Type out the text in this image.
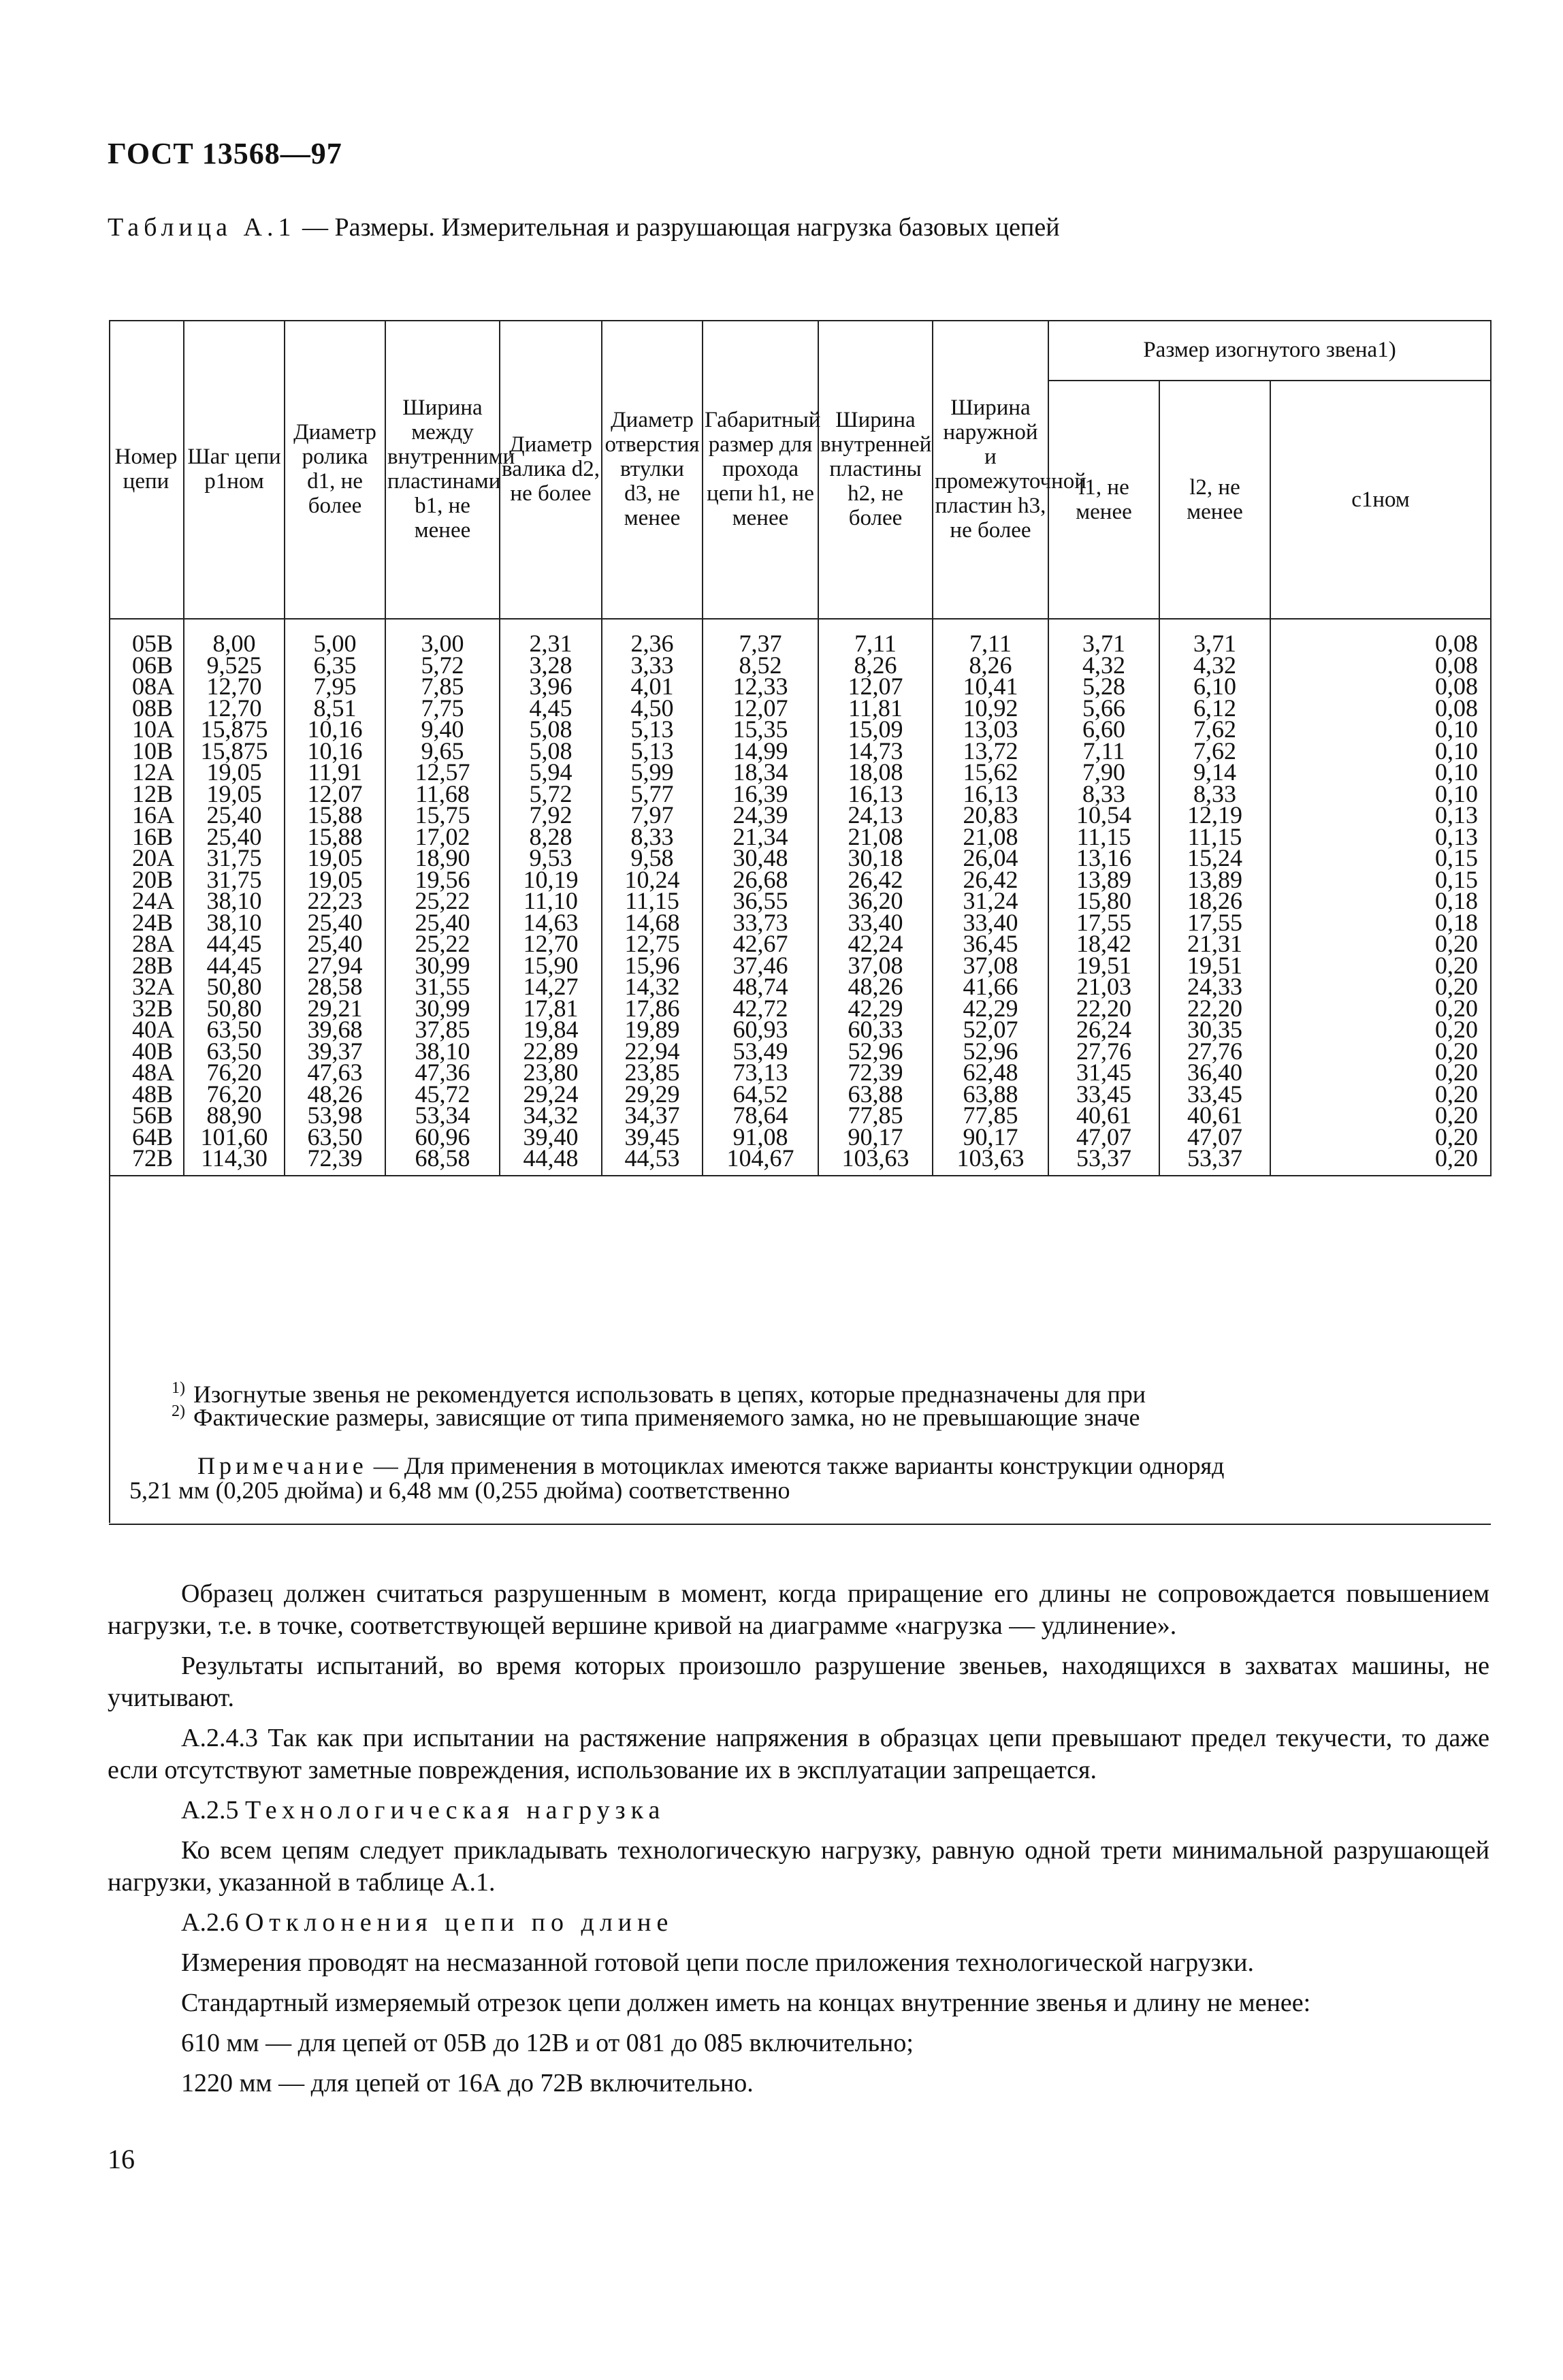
ГОСТ 13568—97
Таблица А.1 — Размеры. Измерительная и разрушающая нагрузка базовых цепей
Номер цепи	Шаг цепи p1ном	Диаметр ролика d1, не более	Ширина между внутренними пластинами b1, не менее	Диаметр валика d2, не более	Диаметр отверстия втулки d3, не менее	Габаритный размер для прохода цепи h1, не менее	Ширина внутренней пластины h2, не более	Ширина наружной и промежуточной пластин h3, не более	Размер изогнутого звена1)		
									l1, не менее	l2, не менее	c1ном
05B	8,00	5,00	3,00	2,31	2,36	7,37	7,11	7,11	3,71	3,71	0,08
06B	9,525	6,35	5,72	3,28	3,33	8,52	8,26	8,26	4,32	4,32	0,08
08A	12,70	7,95	7,85	3,96	4,01	12,33	12,07	10,41	5,28	6,10	0,08
08B	12,70	8,51	7,75	4,45	4,50	12,07	11,81	10,92	5,66	6,12	0,08
10A	15,875	10,16	9,40	5,08	5,13	15,35	15,09	13,03	6,60	7,62	0,10
10B	15,875	10,16	9,65	5,08	5,13	14,99	14,73	13,72	7,11	7,62	0,10
12A	19,05	11,91	12,57	5,94	5,99	18,34	18,08	15,62	7,90	9,14	0,10
12B	19,05	12,07	11,68	5,72	5,77	16,39	16,13	16,13	8,33	8,33	0,10
16A	25,40	15,88	15,75	7,92	7,97	24,39	24,13	20,83	10,54	12,19	0,13
16B	25,40	15,88	17,02	8,28	8,33	21,34	21,08	21,08	11,15	11,15	0,13
20A	31,75	19,05	18,90	9,53	9,58	30,48	30,18	26,04	13,16	15,24	0,15
20B	31,75	19,05	19,56	10,19	10,24	26,68	26,42	26,42	13,89	13,89	0,15
24A	38,10	22,23	25,22	11,10	11,15	36,55	36,20	31,24	15,80	18,26	0,18
24B	38,10	25,40	25,40	14,63	14,68	33,73	33,40	33,40	17,55	17,55	0,18
28A	44,45	25,40	25,22	12,70	12,75	42,67	42,24	36,45	18,42	21,31	0,20
28B	44,45	27,94	30,99	15,90	15,96	37,46	37,08	37,08	19,51	19,51	0,20
32A	50,80	28,58	31,55	14,27	14,32	48,74	48,26	41,66	21,03	24,33	0,20
32B	50,80	29,21	30,99	17,81	17,86	42,72	42,29	42,29	22,20	22,20	0,20
40A	63,50	39,68	37,85	19,84	19,89	60,93	60,33	52,07	26,24	30,35	0,20
40B	63,50	39,37	38,10	22,89	22,94	53,49	52,96	52,96	27,76	27,76	0,20
48A	76,20	47,63	47,36	23,80	23,85	73,13	72,39	62,48	31,45	36,40	0,20
48B	76,20	48,26	45,72	29,24	29,29	64,52	63,88	63,88	33,45	33,45	0,20
56B	88,90	53,98	53,34	34,32	34,37	78,64	77,85	77,85	40,61	40,61	0,20
64B	101,60	63,50	60,96	39,40	39,45	91,08	90,17	90,17	47,07	47,07	0,20
72B	114,30	72,39	68,58	44,48	44,53	104,67	103,63	103,63	53,37	53,37	0,20
$^{1)}$ Изогнутые звенья не рекомендуется использовать в цепях, которые предназначены для при
$^{2)}$ Фактические размеры, зависящие от типа применяемого замка, но не превышающие значе
Примечание — Для применения в мотоциклах имеются также варианты конструкции однoряд
5,21 мм (0,205 дюйма) и 6,48 мм (0,255 дюйма) соответственно

Образец должен считаться разрушенным в момент, когда приращение его длины не сопровождается повышением нагрузки, т.е. в точке, соответствующей вершине кривой на диаграмме «нагрузка — удлинение».

Результаты испытаний, во время которых произошло разрушение звеньев, находящихся в захватах машины, не учитывают.

А.2.4.3 Так как при испытании на растяжение напряжения в образцах цепи превышают предел текучести, то даже если отсутствуют заметные повреждения, использование их в эксплуатации запрещается.

А.2.5 Технологическая нагрузка

Ко всем цепям следует прикладывать технологическую нагрузку, равную одной трети минимальной разрушающей нагрузки, указанной в таблице А.1.

А.2.6 Отклонения цепи по длине

Измерения проводят на несмазанной готовой цепи после приложения технологической нагрузки.

Стандартный измеряемый отрезок цепи должен иметь на концах внутренние звенья и длину не менее:

610 мм — для цепей от 05В до 12В и от 081 до 085 включительно;

1220 мм — для цепей от 16А до 72В включительно.

16
